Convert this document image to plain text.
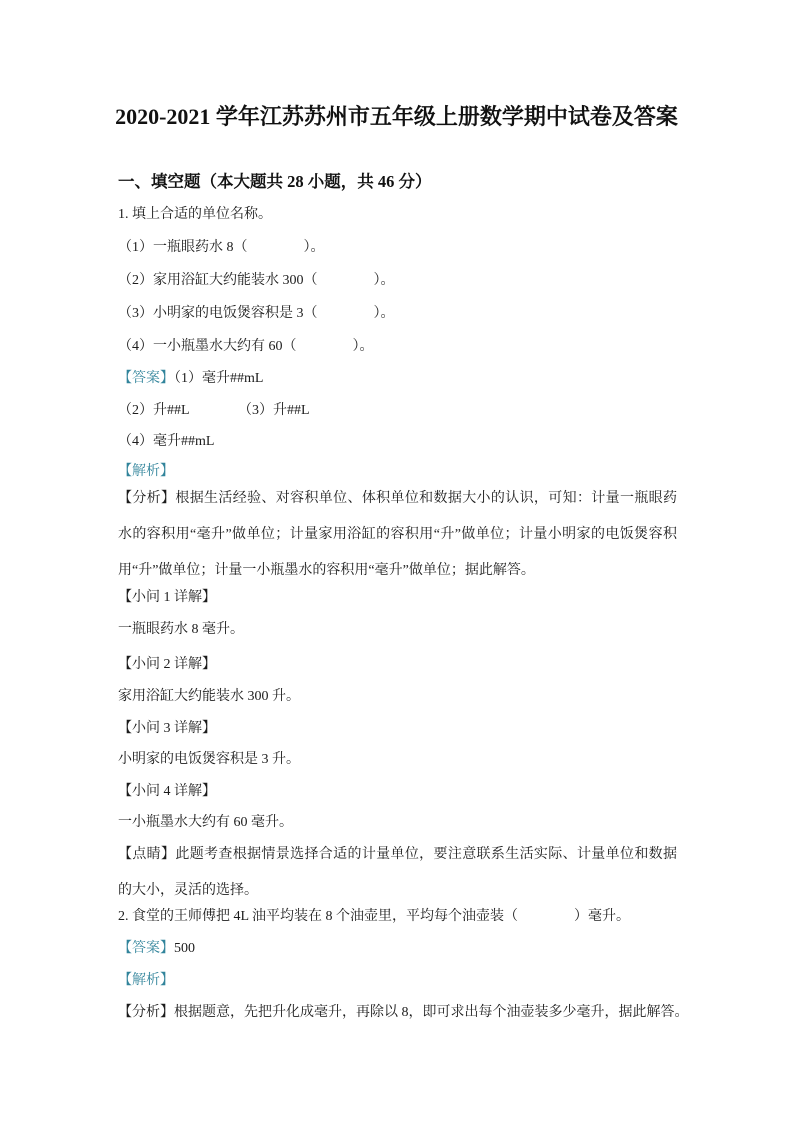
2020-2021 学年江苏苏州市五年级上册数学期中试卷及答案
一、填空题（本大题共 28 小题，共 46 分）
1. 填上合适的单位名称。
（1）一瓶眼药水 8（　　　　）。
（2）家用浴缸大约能装水 300（　　　　）。
（3）小明家的电饭煲容积是 3（　　　　）。
（4）一小瓶墨水大约有 60（　　　　）。
【答案】（1）毫升##mL
（2）升##L　　　　（3）升##L
（4）毫升##mL
【解析】
【分析】根据生活经验、对容积单位、体积单位和数据大小的认识，可知：计量一瓶眼药水的容积用“毫升”做单位；计量家用浴缸的容积用“升”做单位；计量小明家的电饭煲容积用“升”做单位；计量一小瓶墨水的容积用“毫升”做单位；据此解答。
【小问 1 详解】
一瓶眼药水 8 毫升。
【小问 2 详解】
家用浴缸大约能装水 300 升。
【小问 3 详解】
小明家的电饭煲容积是 3 升。
【小问 4 详解】
一小瓶墨水大约有 60 毫升。
【点睛】此题考查根据情景选择合适的计量单位，要注意联系生活实际、计量单位和数据的大小，灵活的选择。
2. 食堂的王师傅把 4L 油平均装在 8 个油壶里，平均每个油壶装（　　　　）毫升。
【答案】500
【解析】
【分析】根据题意，先把升化成毫升，再除以 8，即可求出每个油壶装多少毫升，据此解答。
